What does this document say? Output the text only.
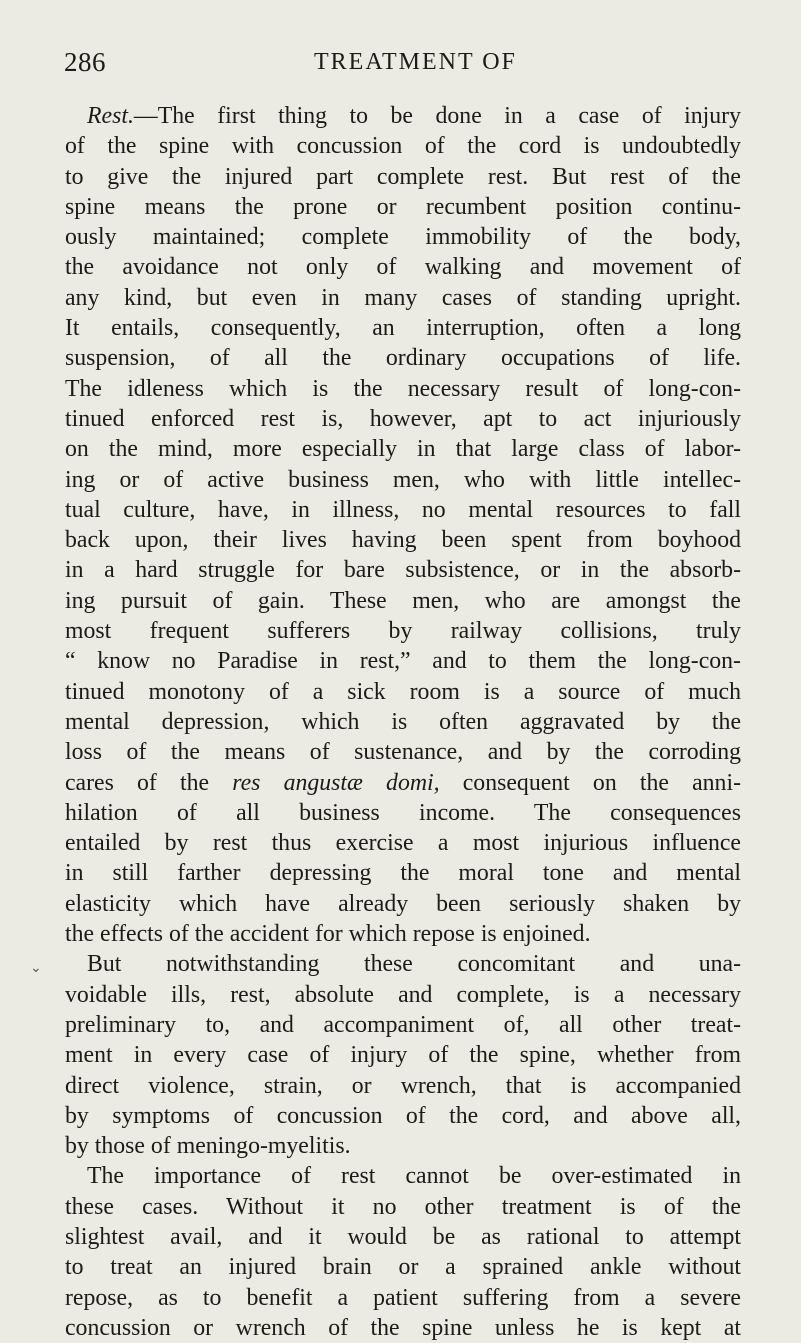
286	TREATMENT OF
Rest.—The first thing to be done in a case of injury
of the spine with concussion of the cord is undoubtedly
to give the injured part complete rest. But rest of the
spine means the prone or recumbent position continu-
ously maintained; complete immobility of the body,
the avoidance not only of walking and movement of
any kind, but even in many cases of standing upright.
It entails, consequently, an interruption, often a long
suspension, of all the ordinary occupations of life.
The idleness which is the necessary result of long-con-
tinued enforced rest is, however, apt to act injuriously
on the mind, more especially in that large class of labor-
ing or of active business men, who with little intellec-
tual culture, have, in illness, no mental resources to fall
back upon, their lives having been spent from boyhood
in a hard struggle for bare subsistence, or in the absorb-
ing pursuit of gain. These men, who are amongst the
most frequent sufferers by railway collisions, truly
“ know no Paradise in rest,” and to them the long-con-
tinued monotony of a sick room is a source of much
mental depression, which is often aggravated by the
loss of the means of sustenance, and by the corroding
cares of the res angustæ domi, consequent on the anni-
hilation of all business income. The consequences
entailed by rest thus exercise a most injurious influence
in still farther depressing the moral tone and mental
elasticity which have already been seriously shaken by
the effects of the accident for which repose is enjoined.
But notwithstanding these concomitant and una-
voidable ills, rest, absolute and complete, is a necessary
preliminary to, and accompaniment of, all other treat-
ment in every case of injury of the spine, whether from
direct violence, strain, or wrench, that is accompanied
by symptoms of concussion of the cord, and above all,
by those of meningo-myelitis.
The importance of rest cannot be over-estimated in
these cases. Without it no other treatment is of the
slightest avail, and it would be as rational to attempt
to treat an injured brain or a sprained ankle without
repose, as to benefit a patient suffering from a severe
concussion or wrench of the spine unless he is kept at
⌄
